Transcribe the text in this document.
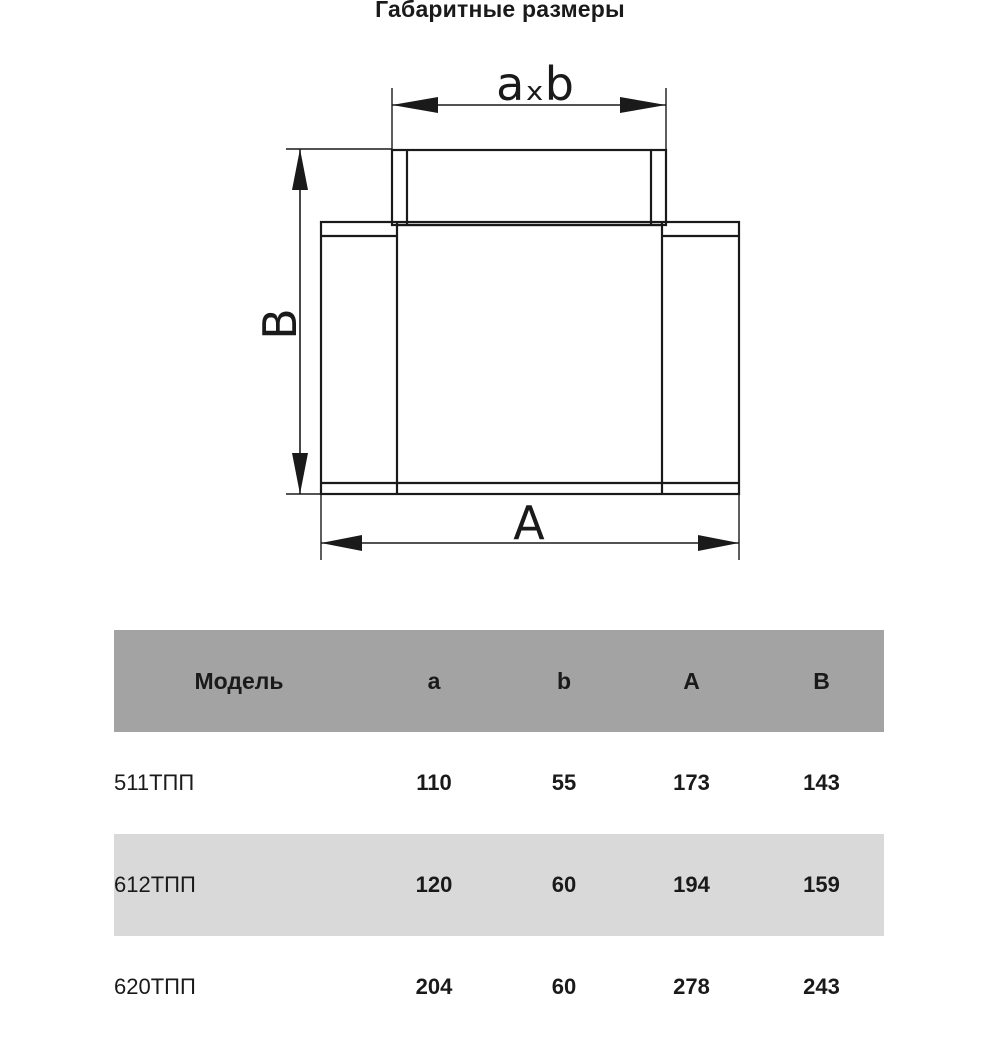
Габаритные размеры
aₓb
B
A
Модель	a	b	A	B
511ТПП	110	55	173	143
612ТПП	120	60	194	159
620ТПП	204	60	278	243
